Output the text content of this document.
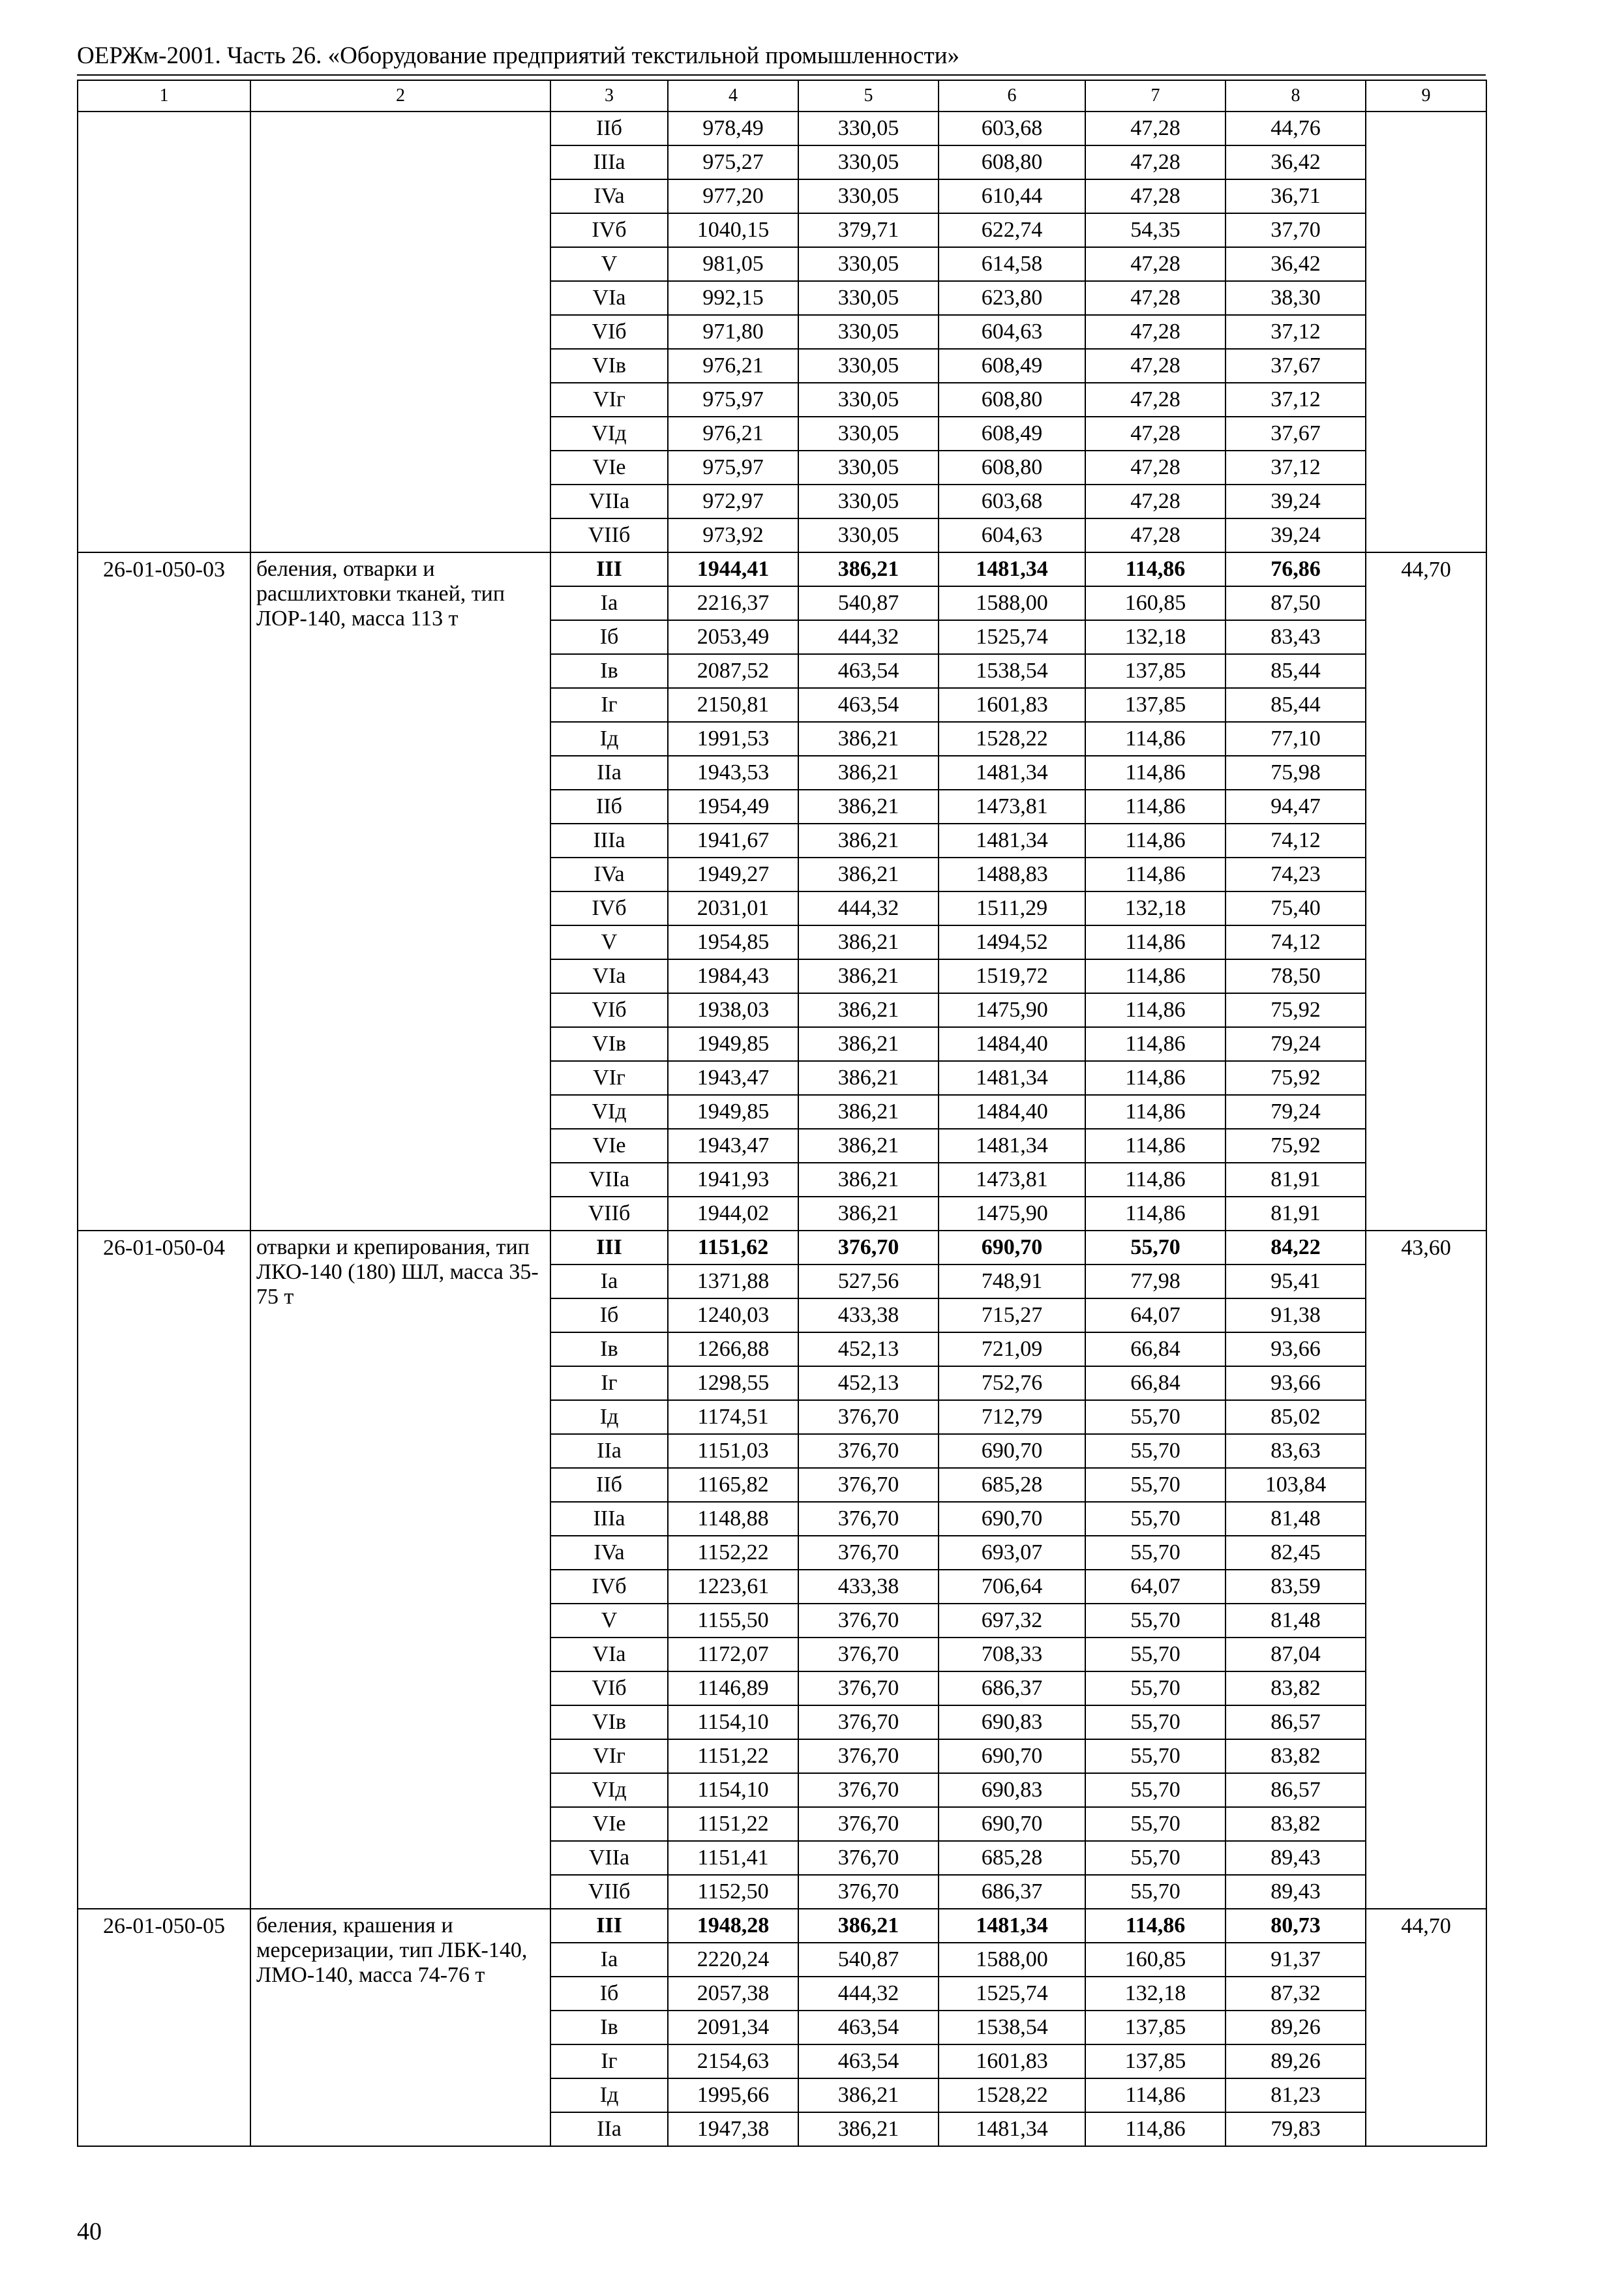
ОЕРЖм-2001. Часть 26. «Оборудование предприятий текстильной промышленности»
1	2	3	4	5	6	7	8	9
		IIб	978,49	330,05	603,68	47,28	44,76	
		IIIa	975,27	330,05	608,80	47,28	36,42	
		IVa	977,20	330,05	610,44	47,28	36,71	
		IVб	1040,15	379,71	622,74	54,35	37,70	
		V	981,05	330,05	614,58	47,28	36,42	
		VIa	992,15	330,05	623,80	47,28	38,30	
		VIб	971,80	330,05	604,63	47,28	37,12	
		VIв	976,21	330,05	608,49	47,28	37,67	
		VIг	975,97	330,05	608,80	47,28	37,12	
		VIд	976,21	330,05	608,49	47,28	37,67	
		VIe	975,97	330,05	608,80	47,28	37,12	
		VIIa	972,97	330,05	603,68	47,28	39,24	
		VIIб	973,92	330,05	604,63	47,28	39,24	
26-01-050-03	беления, отварки и расшлихтовки тканей, тип ЛОР-140, масса 113 т	III	1944,41	386,21	1481,34	114,86	76,86	44,70
		Ia	2216,37	540,87	1588,00	160,85	87,50	
		Iб	2053,49	444,32	1525,74	132,18	83,43	
		Iв	2087,52	463,54	1538,54	137,85	85,44	
		Iг	2150,81	463,54	1601,83	137,85	85,44	
		Iд	1991,53	386,21	1528,22	114,86	77,10	
		IIa	1943,53	386,21	1481,34	114,86	75,98	
		IIб	1954,49	386,21	1473,81	114,86	94,47	
		IIIa	1941,67	386,21	1481,34	114,86	74,12	
		IVa	1949,27	386,21	1488,83	114,86	74,23	
		IVб	2031,01	444,32	1511,29	132,18	75,40	
		V	1954,85	386,21	1494,52	114,86	74,12	
		VIa	1984,43	386,21	1519,72	114,86	78,50	
		VIб	1938,03	386,21	1475,90	114,86	75,92	
		VIв	1949,85	386,21	1484,40	114,86	79,24	
		VIг	1943,47	386,21	1481,34	114,86	75,92	
		VIд	1949,85	386,21	1484,40	114,86	79,24	
		VIe	1943,47	386,21	1481,34	114,86	75,92	
		VIIa	1941,93	386,21	1473,81	114,86	81,91	
		VIIб	1944,02	386,21	1475,90	114,86	81,91	
26-01-050-04	отварки и крепирования, тип ЛКО-140 (180) ШЛ, масса 35-75 т	III	1151,62	376,70	690,70	55,70	84,22	43,60
		Ia	1371,88	527,56	748,91	77,98	95,41	
		Iб	1240,03	433,38	715,27	64,07	91,38	
		Iв	1266,88	452,13	721,09	66,84	93,66	
		Iг	1298,55	452,13	752,76	66,84	93,66	
		Iд	1174,51	376,70	712,79	55,70	85,02	
		IIa	1151,03	376,70	690,70	55,70	83,63	
		IIб	1165,82	376,70	685,28	55,70	103,84	
		IIIa	1148,88	376,70	690,70	55,70	81,48	
		IVa	1152,22	376,70	693,07	55,70	82,45	
		IVб	1223,61	433,38	706,64	64,07	83,59	
		V	1155,50	376,70	697,32	55,70	81,48	
		VIa	1172,07	376,70	708,33	55,70	87,04	
		VIб	1146,89	376,70	686,37	55,70	83,82	
		VIв	1154,10	376,70	690,83	55,70	86,57	
		VIг	1151,22	376,70	690,70	55,70	83,82	
		VIд	1154,10	376,70	690,83	55,70	86,57	
		VIe	1151,22	376,70	690,70	55,70	83,82	
		VIIa	1151,41	376,70	685,28	55,70	89,43	
		VIIб	1152,50	376,70	686,37	55,70	89,43	
26-01-050-05	беления, крашения и мерсеризации, тип ЛБК-140, ЛМО-140, масса 74-76 т	III	1948,28	386,21	1481,34	114,86	80,73	44,70
		Ia	2220,24	540,87	1588,00	160,85	91,37	
		Iб	2057,38	444,32	1525,74	132,18	87,32	
		Iв	2091,34	463,54	1538,54	137,85	89,26	
		Iг	2154,63	463,54	1601,83	137,85	89,26	
		Iд	1995,66	386,21	1528,22	114,86	81,23	
		IIa	1947,38	386,21	1481,34	114,86	79,83	
40
